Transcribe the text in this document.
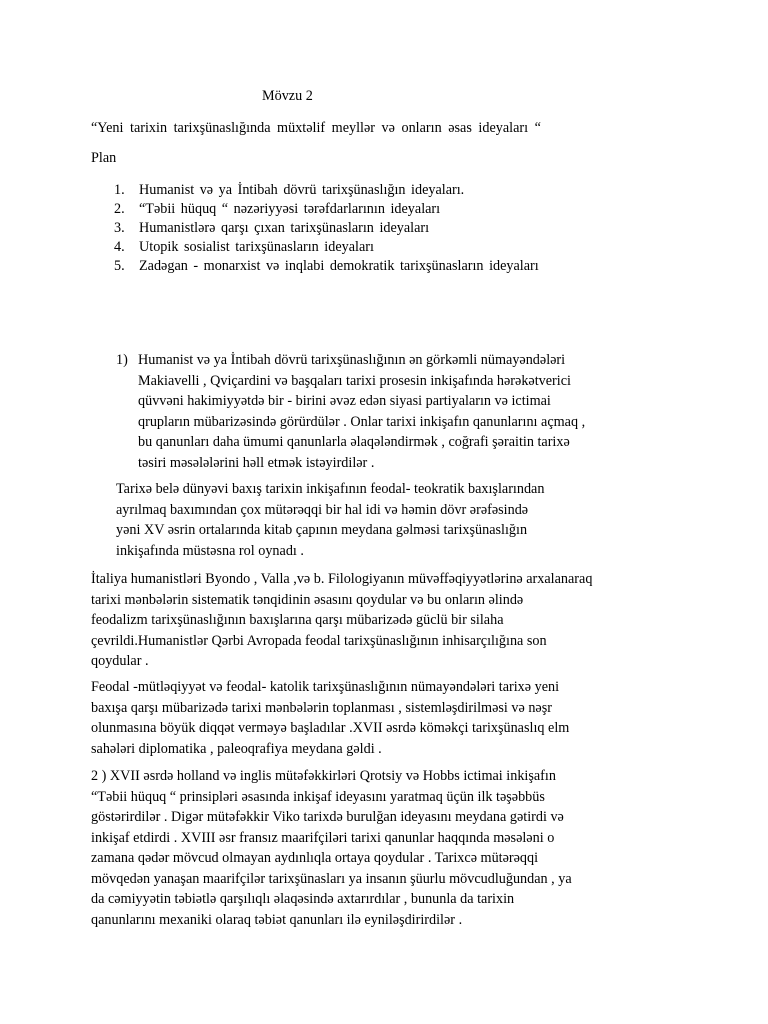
Mövzu 2
“Yeni tarixin tarixşünaslığında müxtəlif meyllər və onların əsas ideyaları “
Plan
1. Humanist və ya İntibah dövrü tarixşünaslığın ideyaları.
2. “Təbii hüquq “ nəzəriyyəsi tərəfdarlarının ideyaları
3. Humanistlərə qarşı çıxan tarixşünasların ideyaları
4. Utopik sosialist tarixşünasların ideyaları
5. Zadəgan - monarxist və inqlabi demokratik tarixşünasların ideyaları
1) Humanist və ya İntibah dövrü tarixşünaslığının ən görkəmli nümayəndələri
Makiavelli , Qviçardini və başqaları tarixi prosesin inkişafında hərəkətverici
qüvvəni hakimiyyətdə bir - birini əvəz edən siyasi partiyaların və ictimai
qrupların mübarizəsində görürdülər . Onlar tarixi inkişafın qanunlarını açmaq ,
bu qanunları daha ümumi qanunlarla əlaqələndirmək , coğrafi şəraitin tarixə
təsiri məsələlərini həll etmək istəyirdilər .
Tarixə belə dünyəvi baxış tarixin inkişafının feodal- teokratik baxışlarından
ayrılmaq baxımından çox mütərəqqi bir hal idi və həmin dövr ərəfəsində
yəni XV əsrin ortalarında kitab çapının meydana gəlməsi tarixşünaslığın
inkişafında müstəsna rol oynadı .
İtaliya humanistləri Byondo , Valla ,və b. Filologiyanın müvəffəqiyyətlərinə arxalanaraq
tarixi mənbələrin sistematik tənqidinin əsasını qoydular və bu onların əlində
feodalizm tarixşünaslığının baxışlarına qarşı mübarizədə güclü bir silaha
çevrildi.Humanistlər Qərbi Avropada feodal tarixşünaslığının inhisarçılığına son
qoydular .
Feodal -mütləqiyyət və feodal- katolik tarixşünaslığının nümayəndələri tarixə yeni
baxışa qarşı mübarizədə tarixi mənbələrin toplanması , sistemləşdirilməsi və nəşr
olunmasına böyük diqqət verməyə başladılar .XVII əsrdə köməkçi tarixşünaslıq elm
sahələri diplomatika , paleoqrafiya meydana gəldi .
2 ) XVII əsrdə holland və inglis mütəfəkkirləri Qrotsiy və Hobbs ictimai inkişafın
“Təbii hüquq “ prinsipləri əsasında inkişaf ideyasını yaratmaq üçün ilk təşəbbüs
göstərirdilər . Digər mütəfəkkir Viko tarixdə burulğan ideyasını meydana gətirdi və
inkişaf etdirdi . XVIII əsr fransız maarifçiləri tarixi qanunlar haqqında məsələni o
zamana qədər mövcud olmayan aydınlıqla ortaya qoydular . Tarixcə mütərəqqi
mövqedən yanaşan maarifçilər tarixşünasları ya insanın şüurlu mövcudluğundan , ya
da cəmiyyətin təbiətlə qarşılıqlı əlaqəsində axtarırdılar , bununla da tarixin
qanunlarını mexaniki olaraq təbiət qanunları ilə eyniləşdirirdilər .
